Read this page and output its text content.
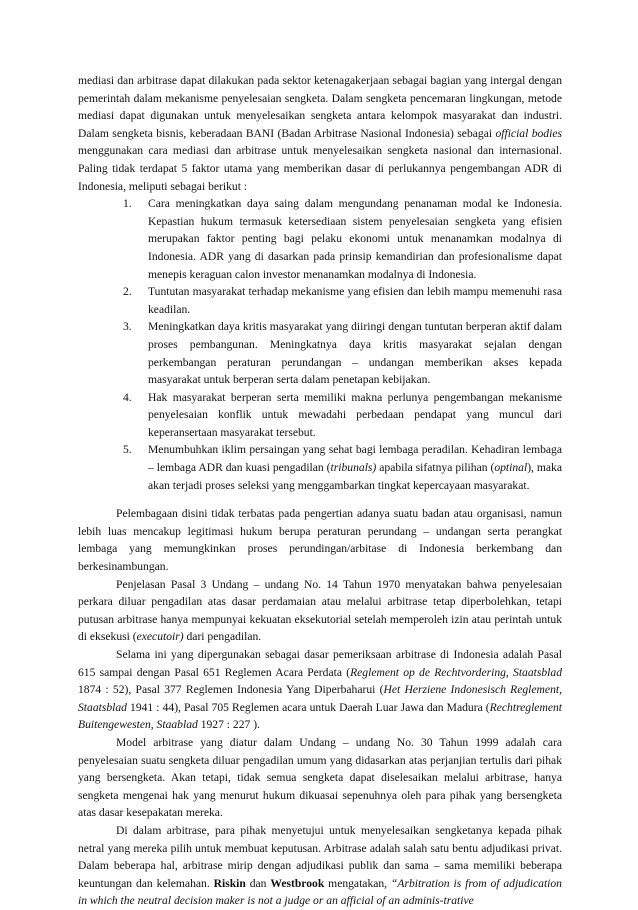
mediasi dan arbitrase dapat dilakukan pada sektor ketenagakerjaan sebagai bagian yang intergal dengan pemerintah dalam mekanisme penyelesaian sengketa. Dalam sengketa pencemaran lingkungan, metode mediasi dapat digunakan untuk menyelesaikan sengketa antara kelompok masyarakat dan industri. Dalam sengketa bisnis, keberadaan BANI (Badan Arbitrase Nasional Indonesia) sebagai official bodies menggunakan cara mediasi dan arbitrase untuk menyelesaikan sengketa nasional dan internasional. Paling tidak terdapat 5 faktor utama yang memberikan dasar di perlukannya pengembangan ADR di Indonesia, meliputi sebagai berikut :

1. Cara meningkatkan daya saing dalam mengundang penanaman modal ke Indonesia. Kepastian hukum termasuk ketersediaan sistem penyelesaian sengketa yang efisien merupakan faktor penting bagi pelaku ekonomi untuk menanamkan modalnya di Indonesia. ADR yang di dasarkan pada prinsip kemandirian dan profesionalisme dapat menepis keraguan calon investor menanamkan modalnya di Indonesia.
2. Tuntutan masyarakat terhadap mekanisme yang efisien dan lebih mampu memenuhi rasa keadilan.
3. Meningkatkan daya kritis masyarakat yang diiringi dengan tuntutan berperan aktif dalam proses pembangunan. Meningkatnya daya kritis masyarakat sejalan dengan perkembangan peraturan perundangan – undangan memberikan akses kepada masyarakat untuk berperan serta dalam penetapan kebijakan.
4. Hak masyarakat berperan serta memiliki makna perlunya pengembangan mekanisme penyelesaian konflik untuk mewadahi perbedaan pendapat yang muncul dari keperansertaan masyarakat tersebut.
5. Menumbuhkan iklim persaingan yang sehat bagi lembaga peradilan. Kehadiran lembaga – lembaga ADR dan kuasi pengadilan (tribunals) apabila sifatnya pilihan (optinal), maka akan terjadi proses seleksi yang menggambarkan tingkat kepercayaan masyarakat.

Pelembagaan disini tidak terbatas pada pengertian adanya suatu badan atau organisasi, namun lebih luas mencakup legitimasi hukum berupa peraturan perundang – undangan serta perangkat lembaga yang memungkinkan proses perundingan/arbitase di Indonesia berkembang dan berkesinambungan.

Penjelasan Pasal 3 Undang – undang No. 14 Tahun 1970 menyatakan bahwa penyelesaian perkara diluar pengadilan atas dasar perdamaian atau melalui arbitrase tetap diperbolehkan, tetapi putusan arbitrase hanya mempunyai kekuatan eksekutorial setelah memperoleh izin atau perintah untuk di eksekusi (executoir) dari pengadilan.

Selama ini yang dipergunakan sebagai dasar pemeriksaan arbitrase di Indonesia adalah Pasal 615 sampai dengan Pasal 651 Reglemen Acara Perdata (Reglement op de Rechtvordering, Staatsblad 1874 : 52), Pasal 377 Reglemen Indonesia Yang Diperbaharui (Het Herziene Indonesisch Reglement, Staatsblad 1941 : 44), Pasal 705 Reglemen acara untuk Daerah Luar Jawa dan Madura (Rechtreglement Buitengewesten, Staablad 1927 : 227 ).

Model arbitrase yang diatur dalam Undang – undang No. 30 Tahun 1999 adalah cara penyelesaian suatu sengketa diluar pengadilan umum yang didasarkan atas perjanjian tertulis dari pihak yang bersengketa. Akan tetapi, tidak semua sengketa dapat diselesaikan melalui arbitrase, hanya sengketa mengenai hak yang menurut hukum dikuasai sepenuhnya oleh para pihak yang bersengketa atas dasar kesepakatan mereka.

Di dalam arbitrase, para pihak menyetujui untuk menyelesaikan sengketanya kepada pihak netral yang mereka pilih untuk membuat keputusan. Arbitrase adalah salah satu bentu adjudikasi privat. Dalam beberapa hal, arbitrase mirip dengan adjudikasi publik dan sama – sama memiliki beberapa keuntungan dan kelemahan. Riskin dan Westbrook mengatakan, “Arbitration is from of adjudication in which the neutral decision maker is not a judge or an afficial of an adminis-trative
